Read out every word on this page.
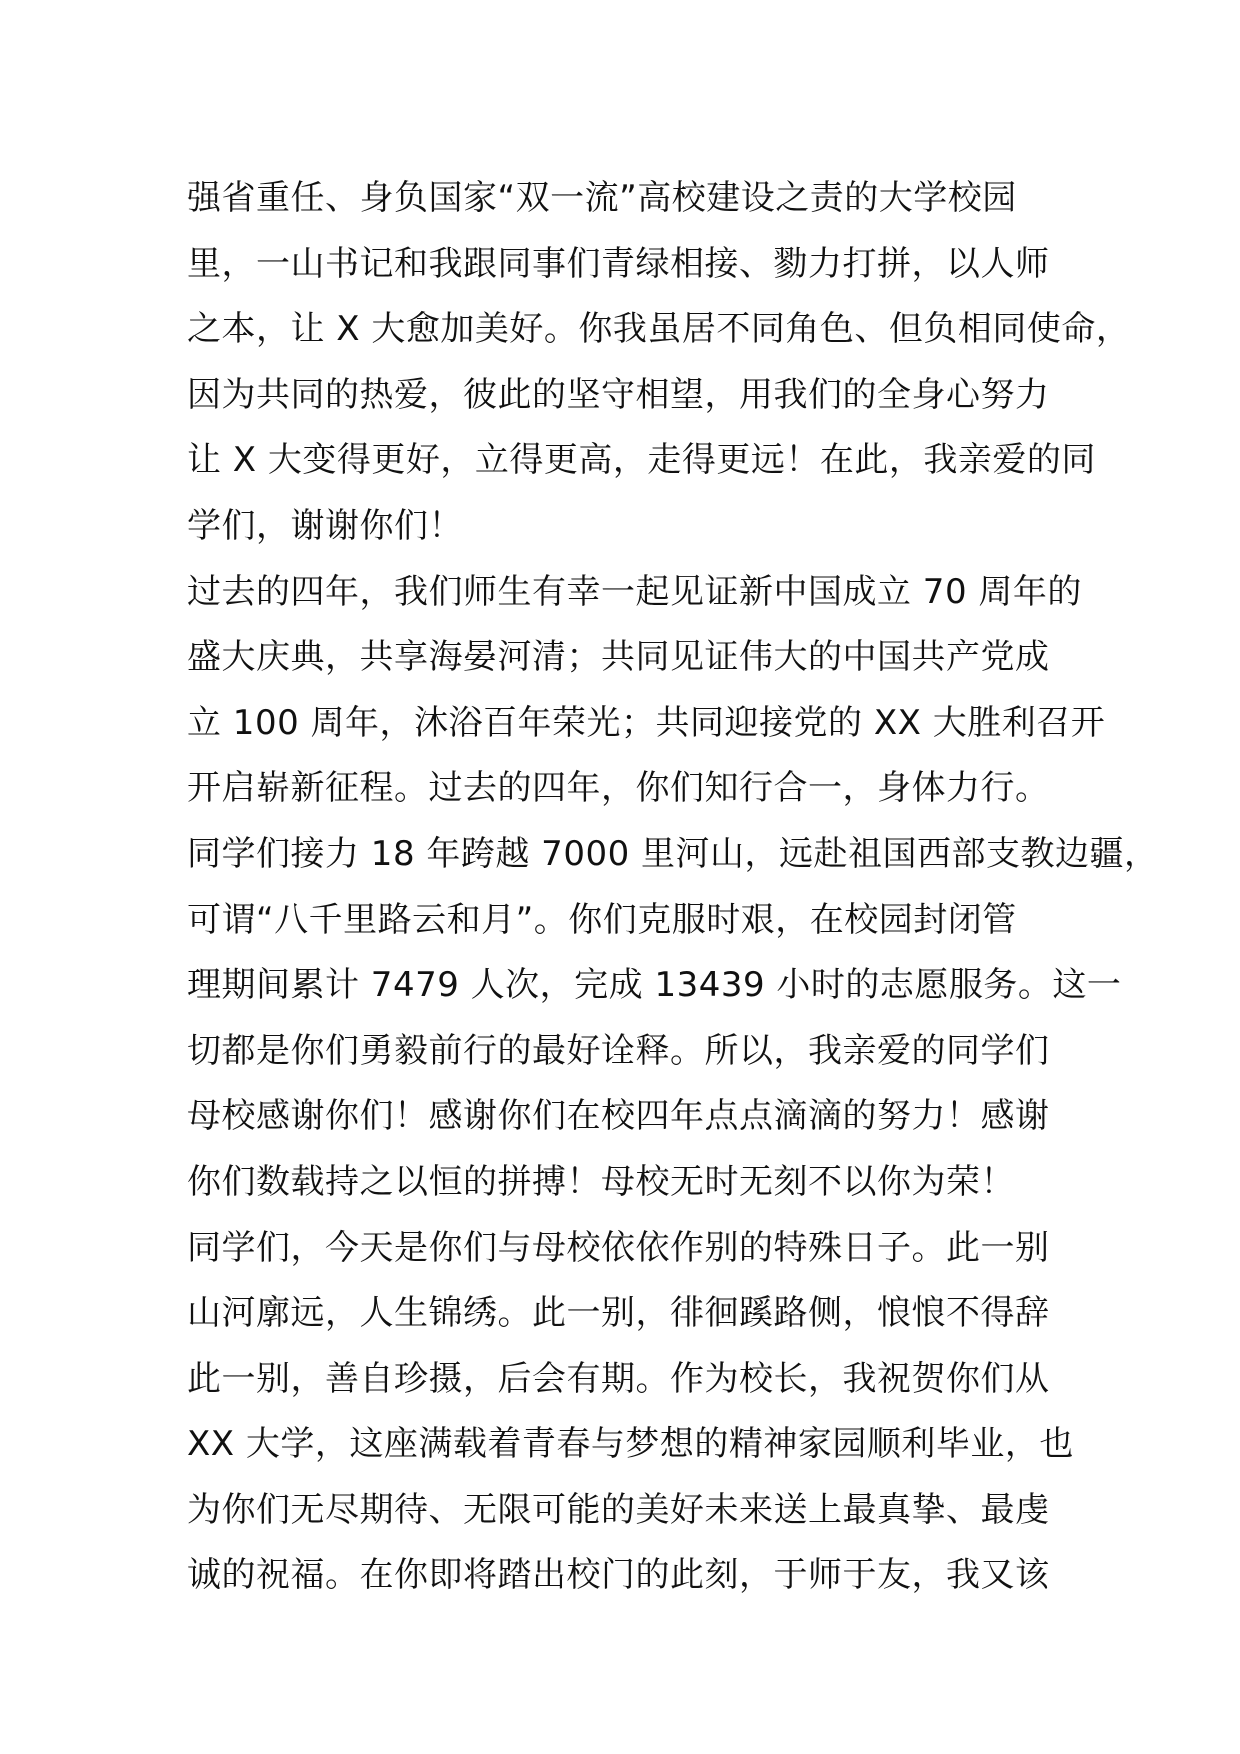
强省重任、身负国家“双一流”高校建设之责的大学校园
里，一山书记和我跟同事们青绿相接、勠力打拼，以人师
之本，让 X 大愈加美好。你我虽居不同角色、但负相同使命，
因为共同的热爱，彼此的坚守相望，用我们的全身心努力
让 X 大变得更好，立得更高，走得更远！在此，我亲爱的同
学们，谢谢你们！
过去的四年，我们师生有幸一起见证新中国成立 70 周年的
盛大庆典，共享海晏河清；共同见证伟大的中国共产党成
立 100 周年，沐浴百年荣光；共同迎接党的 XX 大胜利召开
开启崭新征程。过去的四年，你们知行合一，身体力行。
同学们接力 18 年跨越 7000 里河山，远赴祖国西部支教边疆，
可谓“八千里路云和月”。你们克服时艰，在校园封闭管
理期间累计 7479 人次，完成 13439 小时的志愿服务。这一
切都是你们勇毅前行的最好诠释。所以，我亲爱的同学们
母校感谢你们！感谢你们在校四年点点滴滴的努力！感谢
你们数载持之以恒的拼搏！母校无时无刻不以你为荣！
同学们，今天是你们与母校依依作别的特殊日子。此一别
山河廓远，人生锦绣。此一别，徘徊蹊路侧，悢悢不得辞
此一别，善自珍摄，后会有期。作为校长，我祝贺你们从
XX 大学，这座满载着青春与梦想的精神家园顺利毕业，也
为你们无尽期待、无限可能的美好未来送上最真挚、最虔
诚的祝福。在你即将踏出校门的此刻，于师于友，我又该
